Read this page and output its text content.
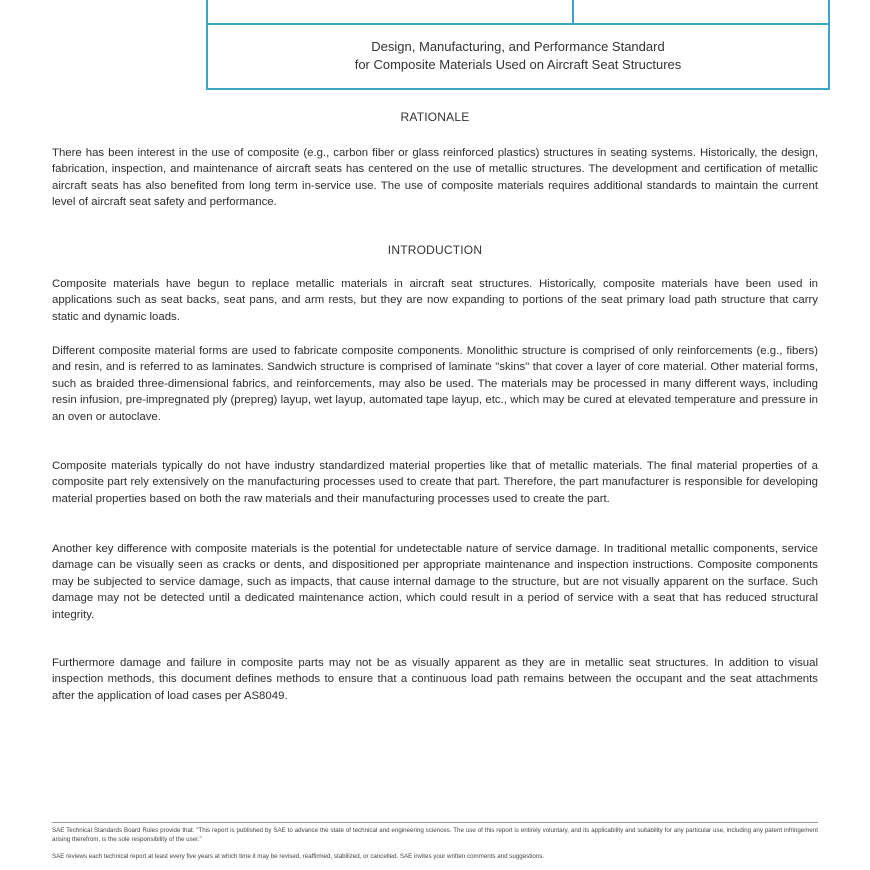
Design, Manufacturing, and Performance Standard
for Composite Materials Used on Aircraft Seat Structures
RATIONALE

There has been interest in the use of composite (e.g., carbon fiber or glass reinforced plastics) structures in seating systems. Historically, the design, fabrication, inspection, and maintenance of aircraft seats has centered on the use of metallic structures. The development and certification of metallic aircraft seats has also benefited from long term in-service use. The use of composite materials requires additional standards to maintain the current level of aircraft seat safety and performance.

INTRODUCTION

Composite materials have begun to replace metallic materials in aircraft seat structures. Historically, composite materials have been used in applications such as seat backs, seat pans, and arm rests, but they are now expanding to portions of the seat primary load path structure that carry static and dynamic loads.

Different composite material forms are used to fabricate composite components. Monolithic structure is comprised of only reinforcements (e.g., fibers) and resin, and is referred to as laminates. Sandwich structure is comprised of laminate "skins" that cover a layer of core material. Other material forms, such as braided three-dimensional fabrics, and reinforcements, may also be used. The materials may be processed in many different ways, including resin infusion, pre-impregnated ply (prepreg) layup, wet layup, automated tape layup, etc., which may be cured at elevated temperature and pressure in an oven or autoclave.

Composite materials typically do not have industry standardized material properties like that of metallic materials. The final material properties of a composite part rely extensively on the manufacturing processes used to create that part. Therefore, the part manufacturer is responsible for developing material properties based on both the raw materials and their manufacturing processes used to create the part.

Another key difference with composite materials is the potential for undetectable nature of service damage. In traditional metallic components, service damage can be visually seen as cracks or dents, and dispositioned per appropriate maintenance and inspection instructions. Composite components may be subjected to service damage, such as impacts, that cause internal damage to the structure, but are not visually apparent on the surface. Such damage may not be detected until a dedicated maintenance action, which could result in a period of service with a seat that has reduced structural integrity.

Furthermore damage and failure in composite parts may not be as visually apparent as they are in metallic seat structures. In addition to visual inspection methods, this document defines methods to ensure that a continuous load path remains between the occupant and the seat attachments after the application of load cases per AS8049.

SAE Technical Standards Board Rules provide that: "This report is published by SAE to advance the state of technical and engineering sciences. The use of this report is entirely voluntary, and its applicability and suitability for any particular use, including any patent infringement arising therefrom, is the sole responsibility of the user."

SAE reviews each technical report at least every five years at which time it may be revised, reaffirmed, stabilized, or cancelled. SAE invites your written comments and suggestions.
